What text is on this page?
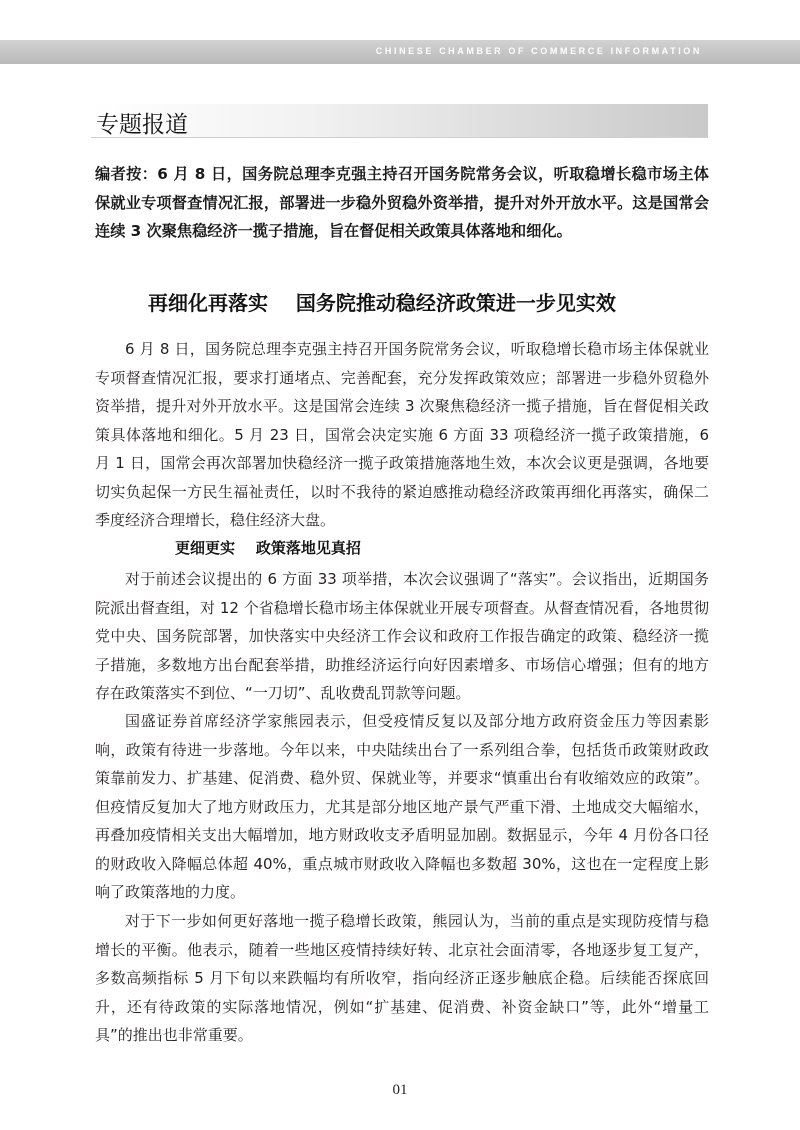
CHINESE CHAMBER OF COMMERCE INFORMATION
专题报道
编者按：6 月 8 日，国务院总理李克强主持召开国务院常务会议，听取稳增长稳市场主体保就业专项督查情况汇报，部署进一步稳外贸稳外资举措，提升对外开放水平。这是国常会连续 3 次聚焦稳经济一揽子措施，旨在督促相关政策具体落地和细化。
再细化再落实    国务院推动稳经济政策进一步见实效

6 月 8 日，国务院总理李克强主持召开国务院常务会议，听取稳增长稳市场主体保就业专项督查情况汇报，要求打通堵点、完善配套，充分发挥政策效应；部署进一步稳外贸稳外资举措，提升对外开放水平。这是国常会连续 3 次聚焦稳经济一揽子措施，旨在督促相关政策具体落地和细化。5 月 23 日，国常会决定实施 6 方面 33 项稳经济一揽子政策措施，6 月 1 日，国常会再次部署加快稳经济一揽子政策措施落地生效，本次会议更是强调，各地要切实负起保一方民生福祉责任，以时不我待的紧迫感推动稳经济政策再细化再落实，确保二季度经济合理增长，稳住经济大盘。

更细更实    政策落地见真招

对于前述会议提出的 6 方面 33 项举措，本次会议强调了“落实”。会议指出，近期国务院派出督查组，对 12 个省稳增长稳市场主体保就业开展专项督查。从督查情况看，各地贯彻党中央、国务院部署，加快落实中央经济工作会议和政府工作报告确定的政策、稳经济一揽子措施，多数地方出台配套举措，助推经济运行向好因素增多、市场信心增强；但有的地方存在政策落实不到位、“一刀切”、乱收费乱罚款等问题。

国盛证券首席经济学家熊园表示，但受疫情反复以及部分地方政府资金压力等因素影响，政策有待进一步落地。今年以来，中央陆续出台了一系列组合拳，包括货币政策财政政策靠前发力、扩基建、促消费、稳外贸、保就业等，并要求“慎重出台有收缩效应的政策”。但疫情反复加大了地方财政压力，尤其是部分地区地产景气严重下滑、土地成交大幅缩水，再叠加疫情相关支出大幅增加，地方财政收支矛盾明显加剧。数据显示，今年 4 月份各口径的财政收入降幅总体超 40%，重点城市财政收入降幅也多数超 30%，这也在一定程度上影响了政策落地的力度。

对于下一步如何更好落地一揽子稳增长政策，熊园认为，当前的重点是实现防疫情与稳增长的平衡。他表示，随着一些地区疫情持续好转、北京社会面清零，各地逐步复工复产，多数高频指标 5 月下旬以来跌幅均有所收窄，指向经济正逐步触底企稳。后续能否探底回升，还有待政策的实际落地情况，例如“扩基建、促消费、补资金缺口”等，此外“增量工具”的推出也非常重要。

01
